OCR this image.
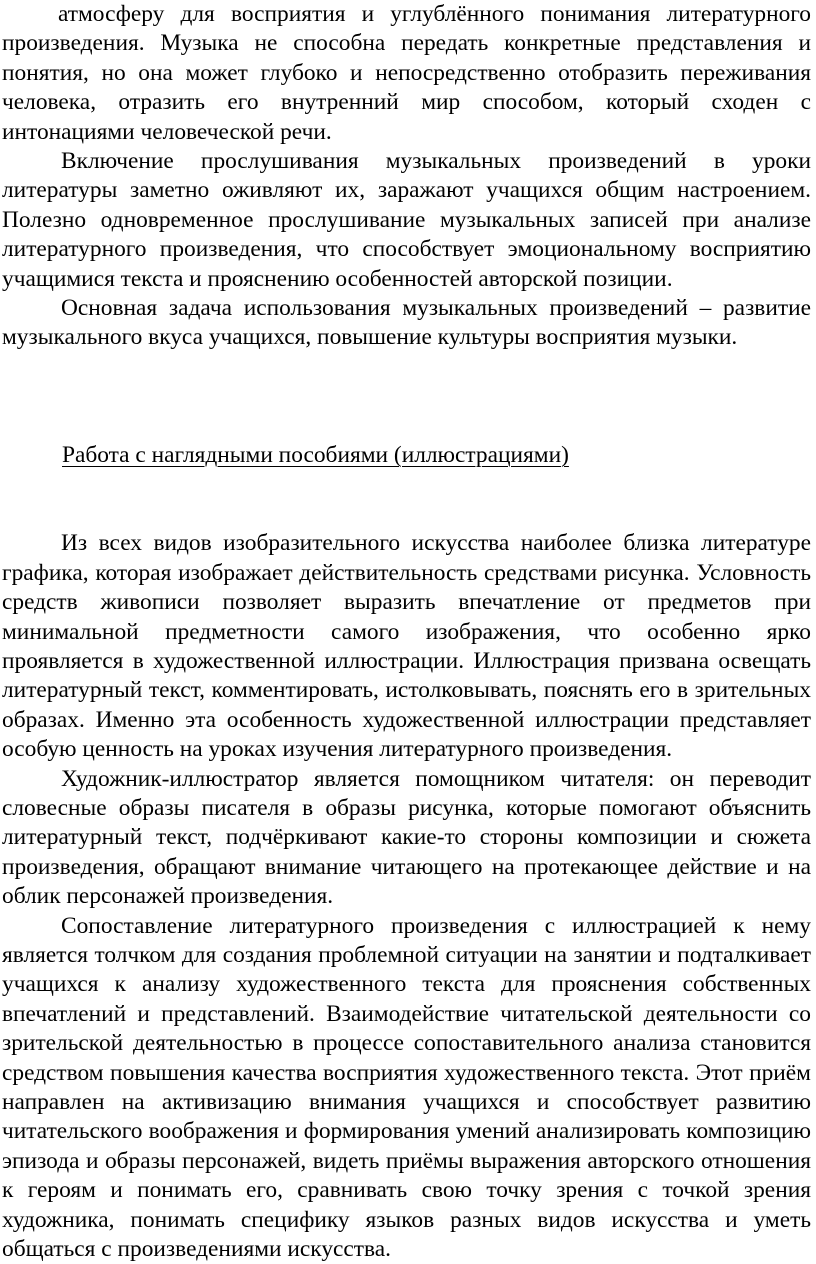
атмосферу для восприятия и углублённого понимания литературного произведения. Музыка не способна передать конкретные представления и понятия, но она может глубоко и непосредственно отобразить переживания человека, отразить его внутренний мир способом, который сходен с интонациями человеческой речи.

Включение прослушивания музыкальных произведений в уроки литературы заметно оживляют их, заражают учащихся общим настроением. Полезно одновременное прослушивание музыкальных записей при анализе литературного произведения, что способствует эмоциональному восприятию учащимися текста и прояснению особенностей авторской позиции.

Основная задача использования музыкальных произведений – развитие музыкального вкуса учащихся, повышение культуры восприятия музыки.

Работа с наглядными пособиями (иллюстрациями)

Из всех видов изобразительного искусства наиболее близка литературе графика, которая изображает действительность средствами рисунка. Условность средств живописи позволяет выразить впечатление от предметов при минимальной предметности самого изображения, что особенно ярко проявляется в художественной иллюстрации. Иллюстрация призвана освещать литературный текст, комментировать, истолковывать, пояснять его в зрительных образах. Именно эта особенность художественной иллюстрации представляет особую ценность на уроках изучения литературного произведения.

Художник-иллюстратор является помощником читателя: он переводит словесные образы писателя в образы рисунка, которые помогают объяснить литературный текст, подчёркивают какие-то стороны композиции и сюжета произведения, обращают внимание читающего на протекающее действие и на облик персонажей произведения.

Сопоставление литературного произведения с иллюстрацией к нему является толчком для создания проблемной ситуации на занятии и подталкивает учащихся к анализу художественного текста для прояснения собственных впечатлений и представлений. Взаимодействие читательской деятельности со зрительской деятельностью в процессе сопоставительного анализа становится средством повышения качества восприятия художественного текста. Этот приём направлен на активизацию внимания учащихся и способствует развитию читательского воображения и формирования умений анализировать композицию эпизода и образы персонажей, видеть приёмы выражения авторского отношения к героям и понимать его, сравнивать свою точку зрения с точкой зрения художника, понимать специфику языков разных видов искусства и уметь общаться с произведениями искусства.
